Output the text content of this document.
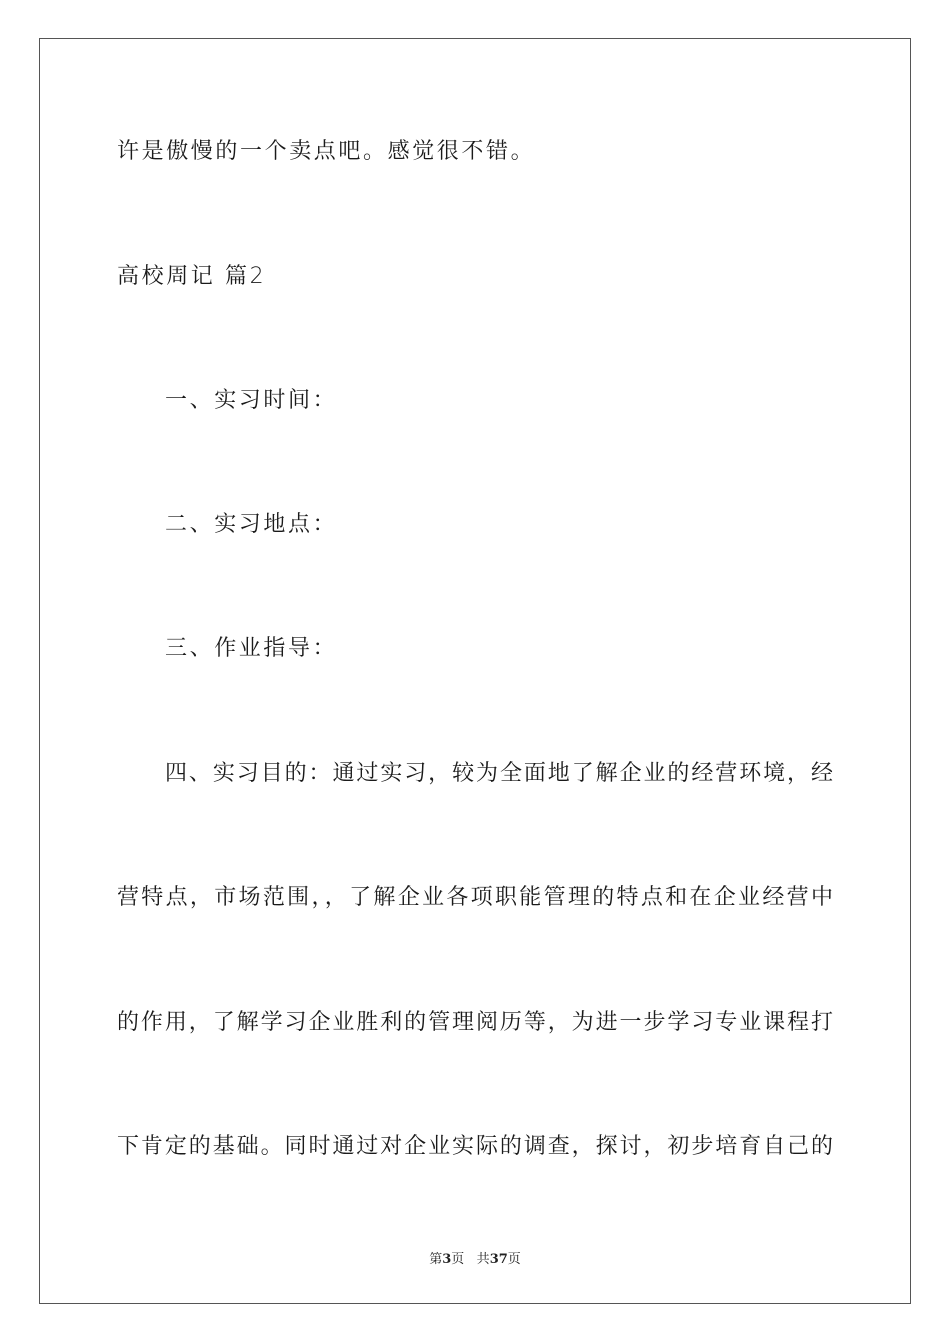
许是傲慢的一个卖点吧。感觉很不错。
高校周记 篇2
一、实习时间：
二、实习地点：
三、作业指导：
四、实习目的：通过实习，较为全面地了解企业的经营环境，经
营特点，市场范围，，了解企业各项职能管理的特点和在企业经营中
的作用，了解学习企业胜利的管理阅历等，为进一步学习专业课程打
下肯定的基础。同时通过对企业实际的调查，探讨，初步培育自己的
第3页 共37页
